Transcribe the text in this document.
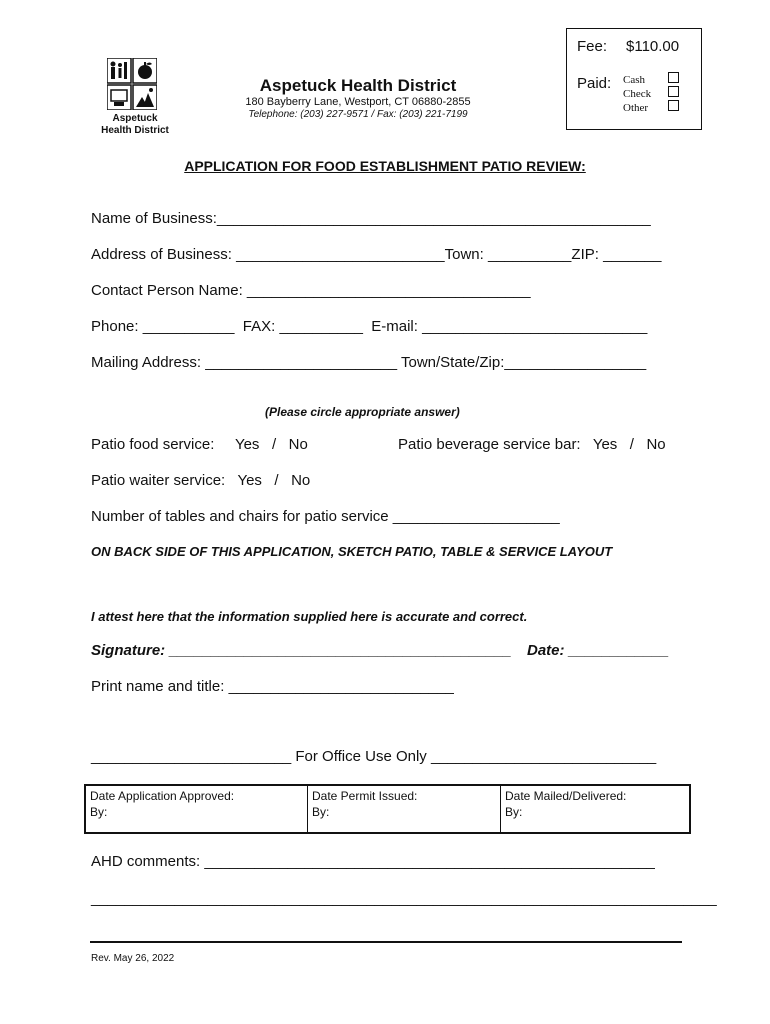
Aspetuck
Health District
Aspetuck Health District
180 Bayberry Lane, Westport, CT 06880-2855
Telephone: (203) 227-9571 / Fax: (203) 221-7199
Fee: $110.00
Paid: Cash
Check
Other
APPLICATION FOR FOOD ESTABLISHMENT PATIO REVIEW:
Name of Business:____________________________________________________
Address of Business: _________________________Town: __________ZIP: _______
Contact Person Name: __________________________________
Phone: ___________  FAX: __________  E-mail: ___________________________
Mailing Address: _______________________ Town/State/Zip:_________________
(Please circle appropriate answer)
Patio food service:     Yes   /   No	Patio beverage service bar:   Yes   /   No
Patio waiter service:   Yes   /   No
Number of tables and chairs for patio service ____________________
ON BACK SIDE OF THIS APPLICATION, SKETCH PATIO, TABLE & SERVICE LAYOUT
I attest here that the information supplied here is accurate and correct.
Signature: _________________________________________ Date: ____________
Print name and title: ___________________________
________________________ For Office Use Only ___________________________
Date Application Approved:
By:
Date Permit Issued:
By:
Date Mailed/Delivered:
By:
AHD comments: ______________________________________________________
___________________________________________________________________________
Rev. May 26, 2022
